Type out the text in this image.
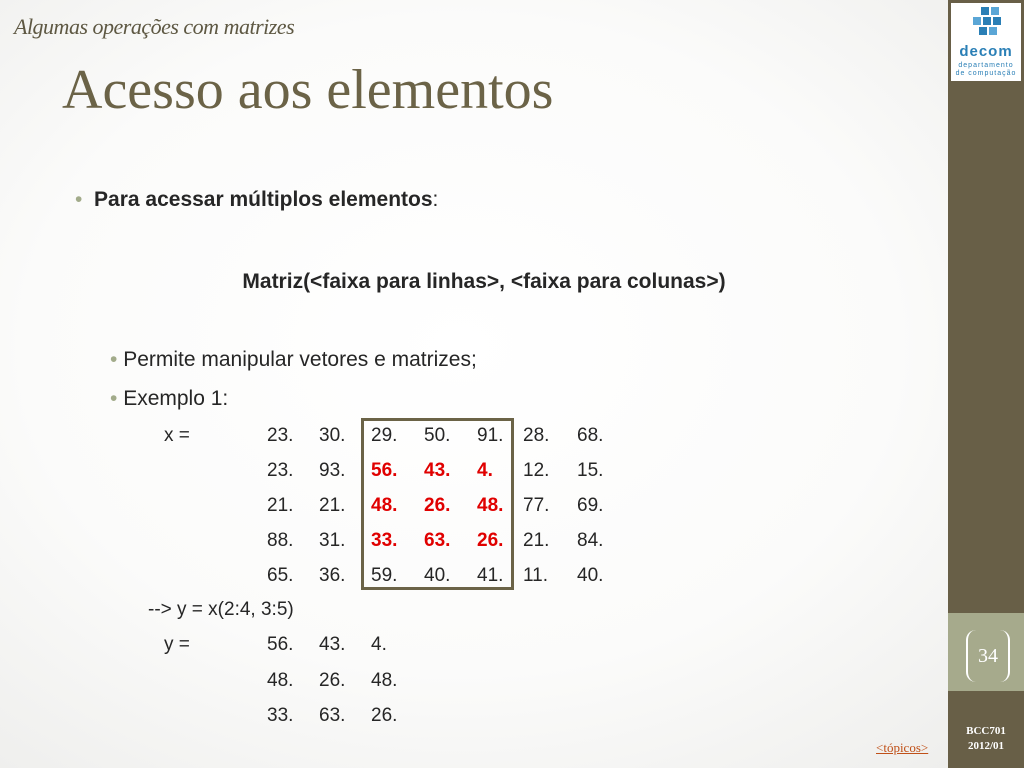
Algumas operações com matrizes
Acesso aos elementos
•  Para acessar múltiplos elementos:
Matriz(<faixa para linhas>, <faixa para colunas>)
• Permite manipular vetores e matrizes;
• Exemplo 1:
x =	23. 30. 29. 50. 91. 28. 68.
23. 93. 56. 43. 4. 12. 15.
21. 21. 48. 26. 48. 77. 69.
88. 31. 33. 63. 26. 21. 84.
65. 36. 59. 40. 41. 11. 40.
--> y = x(2:4, 3:5)
y =	56. 43. 4.
48. 26. 48.
33. 63. 26.
decom
departamento
de computação
34
BCC701
2012/01
<tópicos>
